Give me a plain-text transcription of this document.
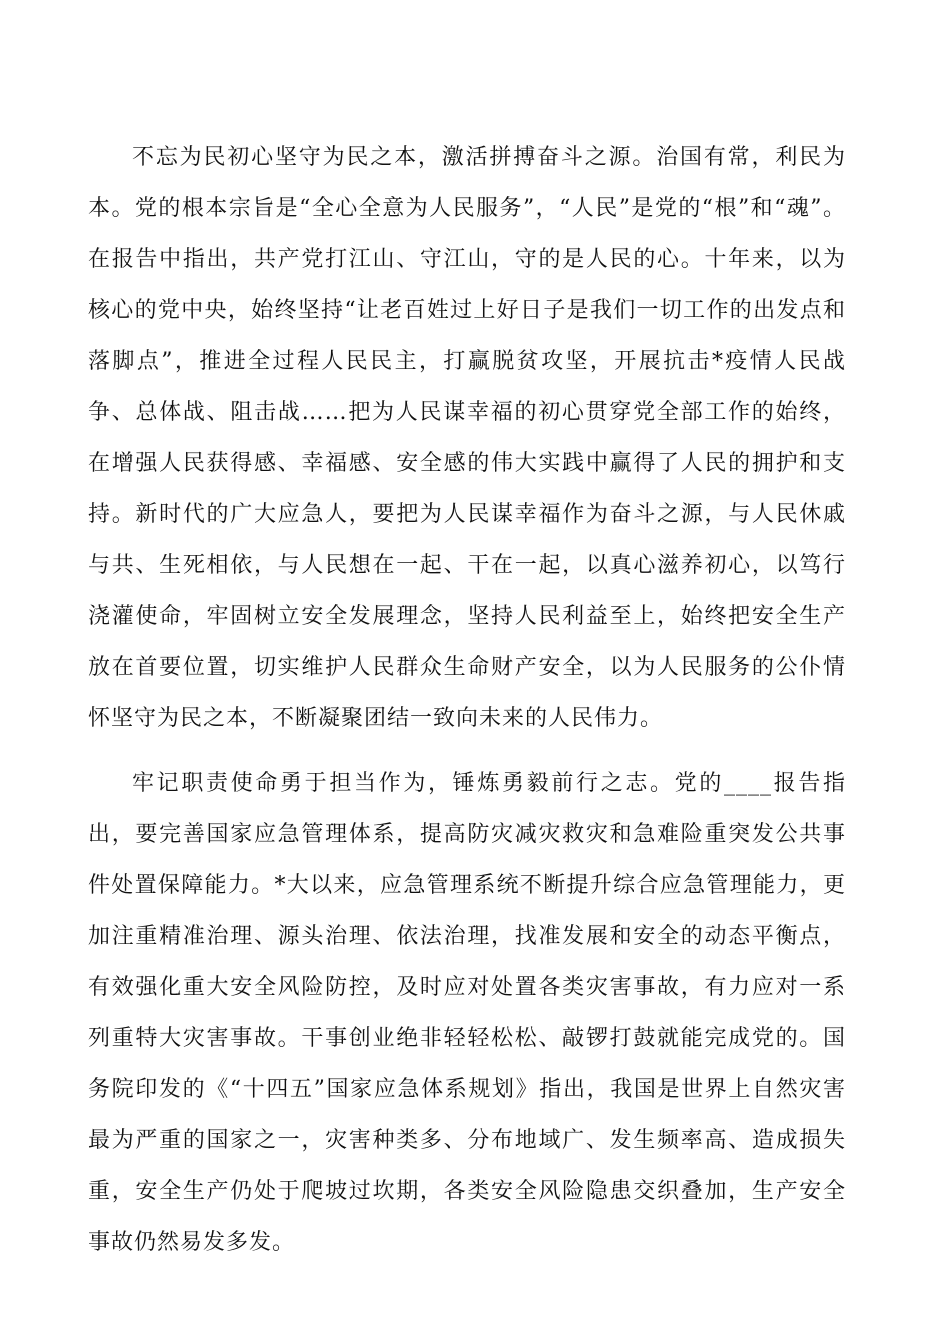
不忘为民初心坚守为民之本，激活拼搏奋斗之源。治国有常，利民为本。党的根本宗旨是“全心全意为人民服务”，“人民”是党的“根”和“魂”。在报告中指出，共产党打江山、守江山，守的是人民的心。十年来，以为核心的党中央，始终坚持“让老百姓过上好日子是我们一切工作的出发点和落脚点”，推进全过程人民民主，打赢脱贫攻坚，开展抗击*疫情人民战争、总体战、阻击战……把为人民谋幸福的初心贯穿党全部工作的始终，在增强人民获得感、幸福感、安全感的伟大实践中赢得了人民的拥护和支持。新时代的广大应急人，要把为人民谋幸福作为奋斗之源，与人民休戚与共、生死相依，与人民想在一起、干在一起，以真心滋养初心，以笃行浇灌使命，牢固树立安全发展理念，坚持人民利益至上，始终把安全生产放在首要位置，切实维护人民群众生命财产安全，以为人民服务的公仆情怀坚守为民之本，不断凝聚团结一致向未来的人民伟力。

牢记职责使命勇于担当作为，锤炼勇毅前行之志。党的____报告指出，要完善国家应急管理体系，提高防灾减灾救灾和急难险重突发公共事件处置保障能力。*大以来，应急管理系统不断提升综合应急管理能力，更加注重精准治理、源头治理、依法治理，找准发展和安全的动态平衡点，有效强化重大安全风险防控，及时应对处置各类灾害事故，有力应对一系列重特大灾害事故。干事创业绝非轻轻松松、敲锣打鼓就能完成党的。国务院印发的《“十四五”国家应急体系规划》指出，我国是世界上自然灾害最为严重的国家之一，灾害种类多、分布地域广、发生频率高、造成损失重，安全生产仍处于爬坡过坎期，各类安全风险隐患交织叠加，生产安全事故仍然易发多发。
